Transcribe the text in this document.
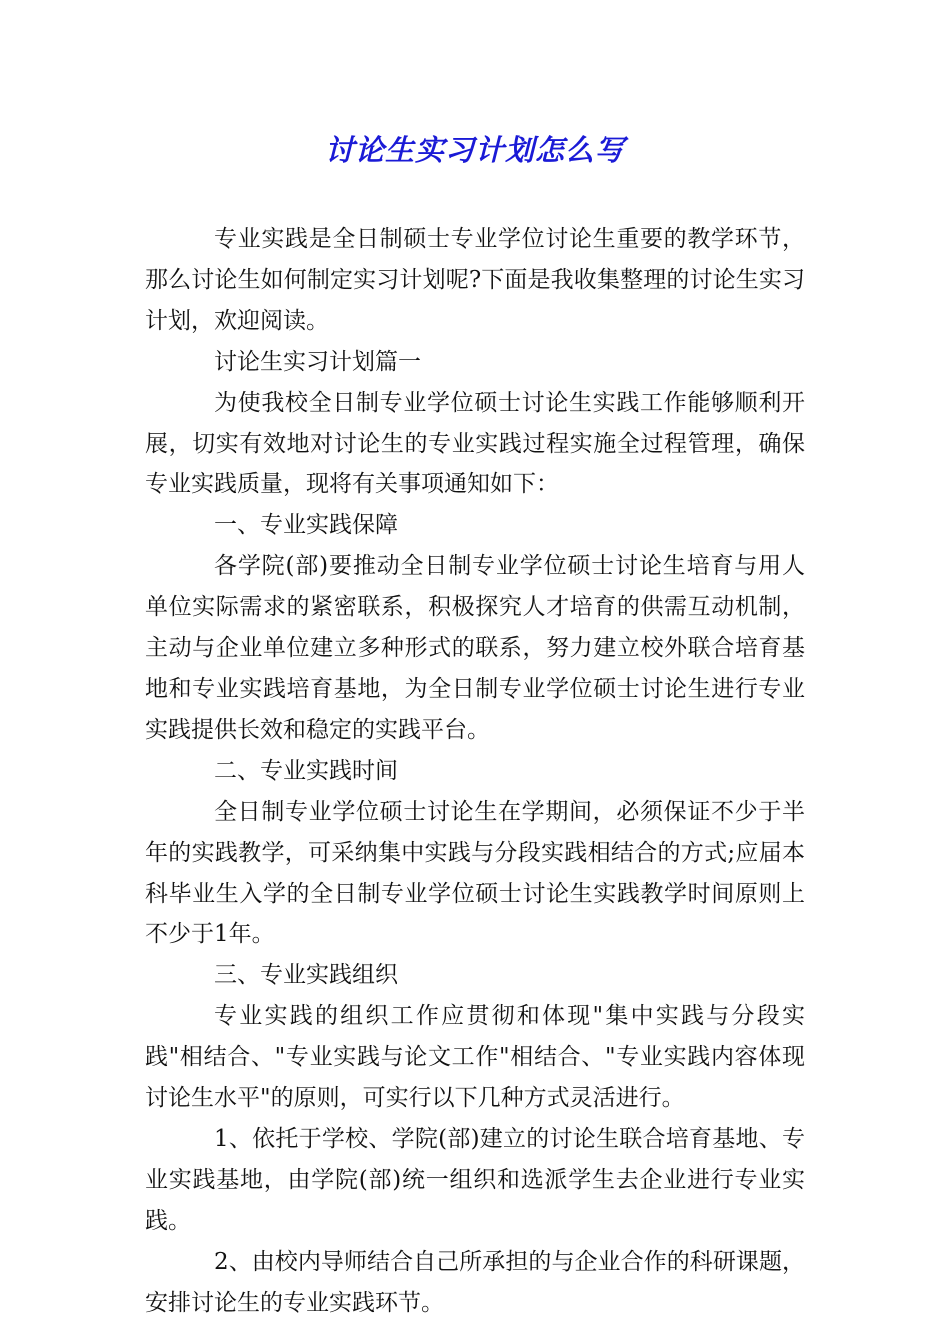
讨论生实习计划怎么写

专业实践是全日制硕士专业学位讨论生重要的教学环节，那么讨论生如何制定实习计划呢?下面是我收集整理的讨论生实习计划，欢迎阅读。

讨论生实习计划篇一

为使我校全日制专业学位硕士讨论生实践工作能够顺利开展，切实有效地对讨论生的专业实践过程实施全过程管理，确保专业实践质量，现将有关事项通知如下：

一、专业实践保障

各学院(部)要推动全日制专业学位硕士讨论生培育与用人单位实际需求的紧密联系，积极探究人才培育的供需互动机制，主动与企业单位建立多种形式的联系，努力建立校外联合培育基地和专业实践培育基地，为全日制专业学位硕士讨论生进行专业实践提供长效和稳定的实践平台。

二、专业实践时间

全日制专业学位硕士讨论生在学期间，必须保证不少于半年的实践教学，可采纳集中实践与分段实践相结合的方式;应届本科毕业生入学的全日制专业学位硕士讨论生实践教学时间原则上不少于1年。

三、专业实践组织

专业实践的组织工作应贯彻和体现"集中实践与分段实践"相结合、"专业实践与论文工作"相结合、"专业实践内容体现讨论生水平"的原则，可实行以下几种方式灵活进行。

1、依托于学校、学院(部)建立的讨论生联合培育基地、专业实践基地，由学院(部)统一组织和选派学生去企业进行专业实践。

2、由校内导师结合自己所承担的与企业合作的科研课题，安排讨论生的专业实践环节。
